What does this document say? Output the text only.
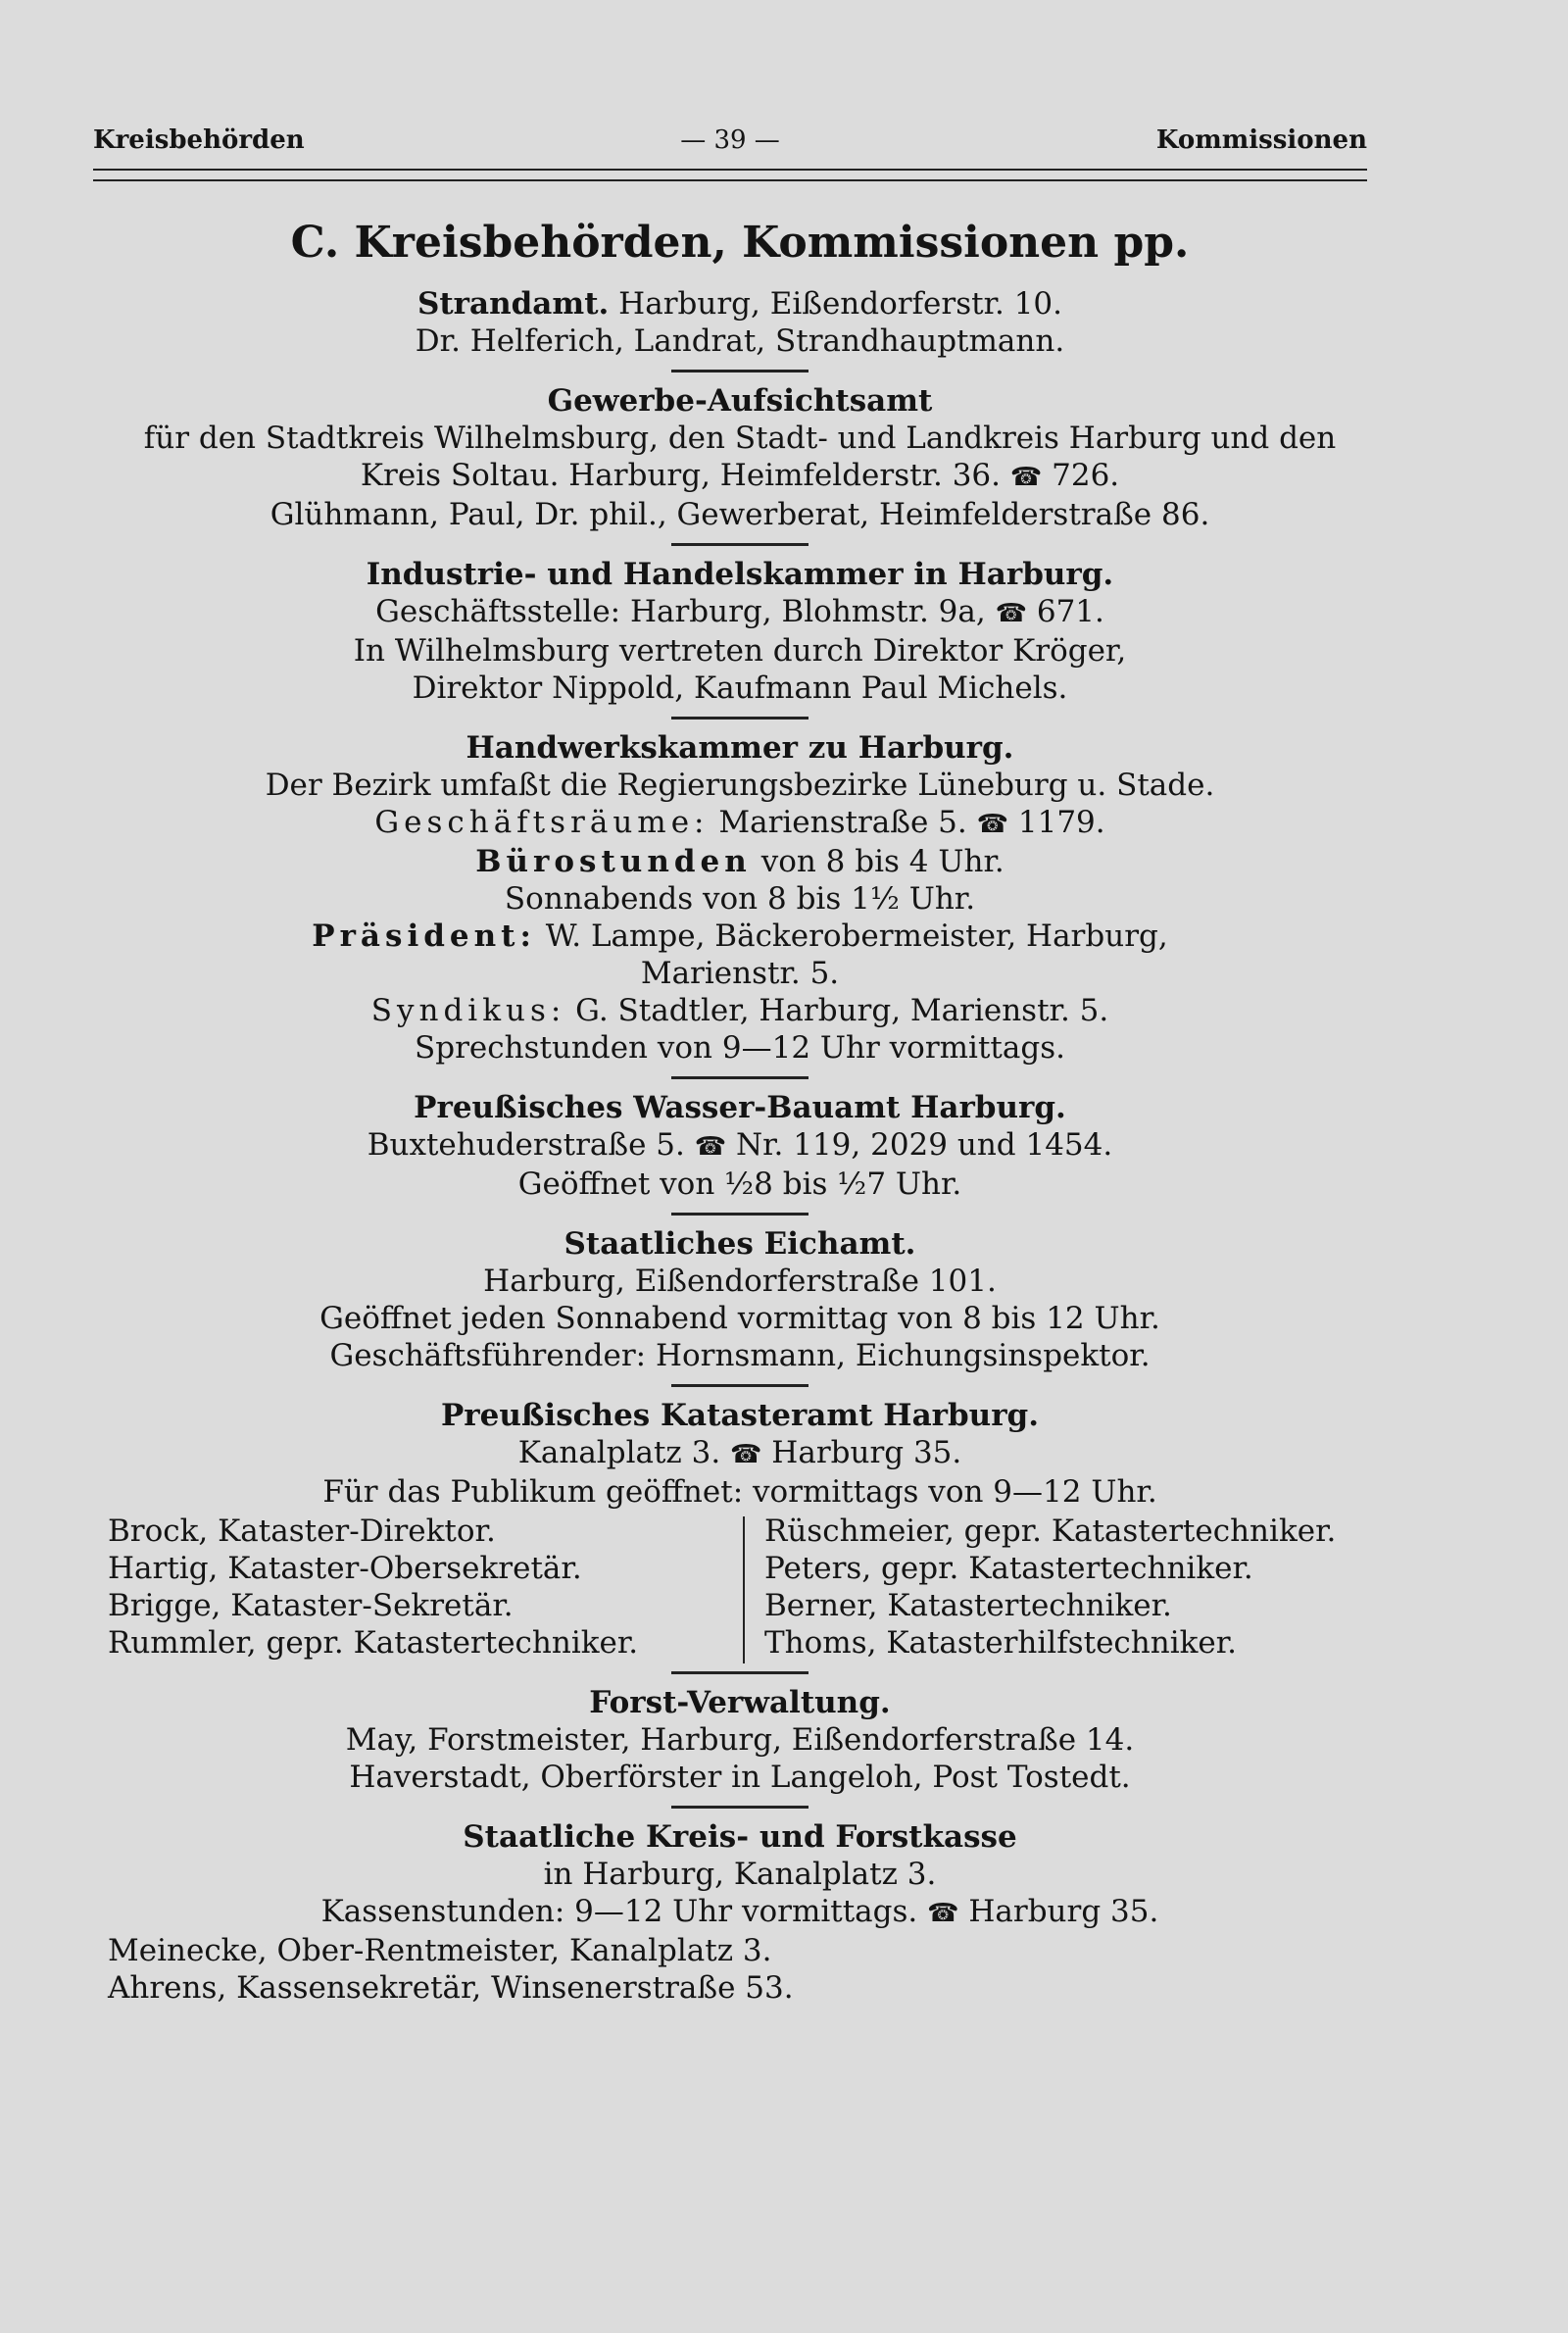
Kreisbehörden	— 39 —	Kommissionen
C. Kreisbehörden, Kommissionen pp.
Strandamt. Harburg, Eißendorferstr. 10.
Dr. Helferich, Landrat, Strandhauptmann.
Gewerbe-Aufsichtsamt
für den Stadtkreis Wilhelmsburg, den Stadt- und Landkreis Harburg und den
Kreis Soltau. Harburg, Heimfelderstr. 36. ☎ 726.
Glühmann, Paul, Dr. phil., Gewerberat, Heimfelderstraße 86.
Industrie- und Handelskammer in Harburg.
Geschäftsstelle: Harburg, Blohmstr. 9a, ☎ 671.
In Wilhelmsburg vertreten durch Direktor Kröger,
Direktor Nippold, Kaufmann Paul Michels.
Handwerkskammer zu Harburg.
Der Bezirk umfaßt die Regierungsbezirke Lüneburg u. Stade.
Geschäftsräume: Marienstraße 5. ☎ 1179.
Bürostunden von 8 bis 4 Uhr.
Sonnabends von 8 bis 1½ Uhr.
Präsident: W. Lampe, Bäckerobermeister, Harburg,
Marienstr. 5.
Syndikus: G. Stadtler, Harburg, Marienstr. 5.
Sprechstunden von 9—12 Uhr vormittags.
Preußisches Wasser-Bauamt Harburg.
Buxtehuderstraße 5. ☎ Nr. 119, 2029 und 1454.
Geöffnet von ½8 bis ½7 Uhr.
Staatliches Eichamt.
Harburg, Eißendorferstraße 101.
Geöffnet jeden Sonnabend vormittag von 8 bis 12 Uhr.
Geschäftsführender: Hornsmann, Eichungsinspektor.
Preußisches Katasteramt Harburg.
Kanalplatz 3. ☎ Harburg 35.
Für das Publikum geöffnet: vormittags von 9—12 Uhr.
Brock, Kataster-Direktor.
Hartig, Kataster-Obersekretär.
Brigge, Kataster-Sekretär.
Rummler, gepr. Katastertechniker.
Rüschmeier, gepr. Katastertechniker.
Peters, gepr. Katastertechniker.
Berner, Katastertechniker.
Thoms, Katasterhilfstechniker.
Forst-Verwaltung.
May, Forstmeister, Harburg, Eißendorferstraße 14.
Haverstadt, Oberförster in Langeloh, Post Tostedt.
Staatliche Kreis- und Forstkasse
in Harburg, Kanalplatz 3.
Kassenstunden: 9—12 Uhr vormittags. ☎ Harburg 35.
Meinecke, Ober-Rentmeister, Kanalplatz 3.
Ahrens, Kassensekretär, Winsenerstraße 53.
